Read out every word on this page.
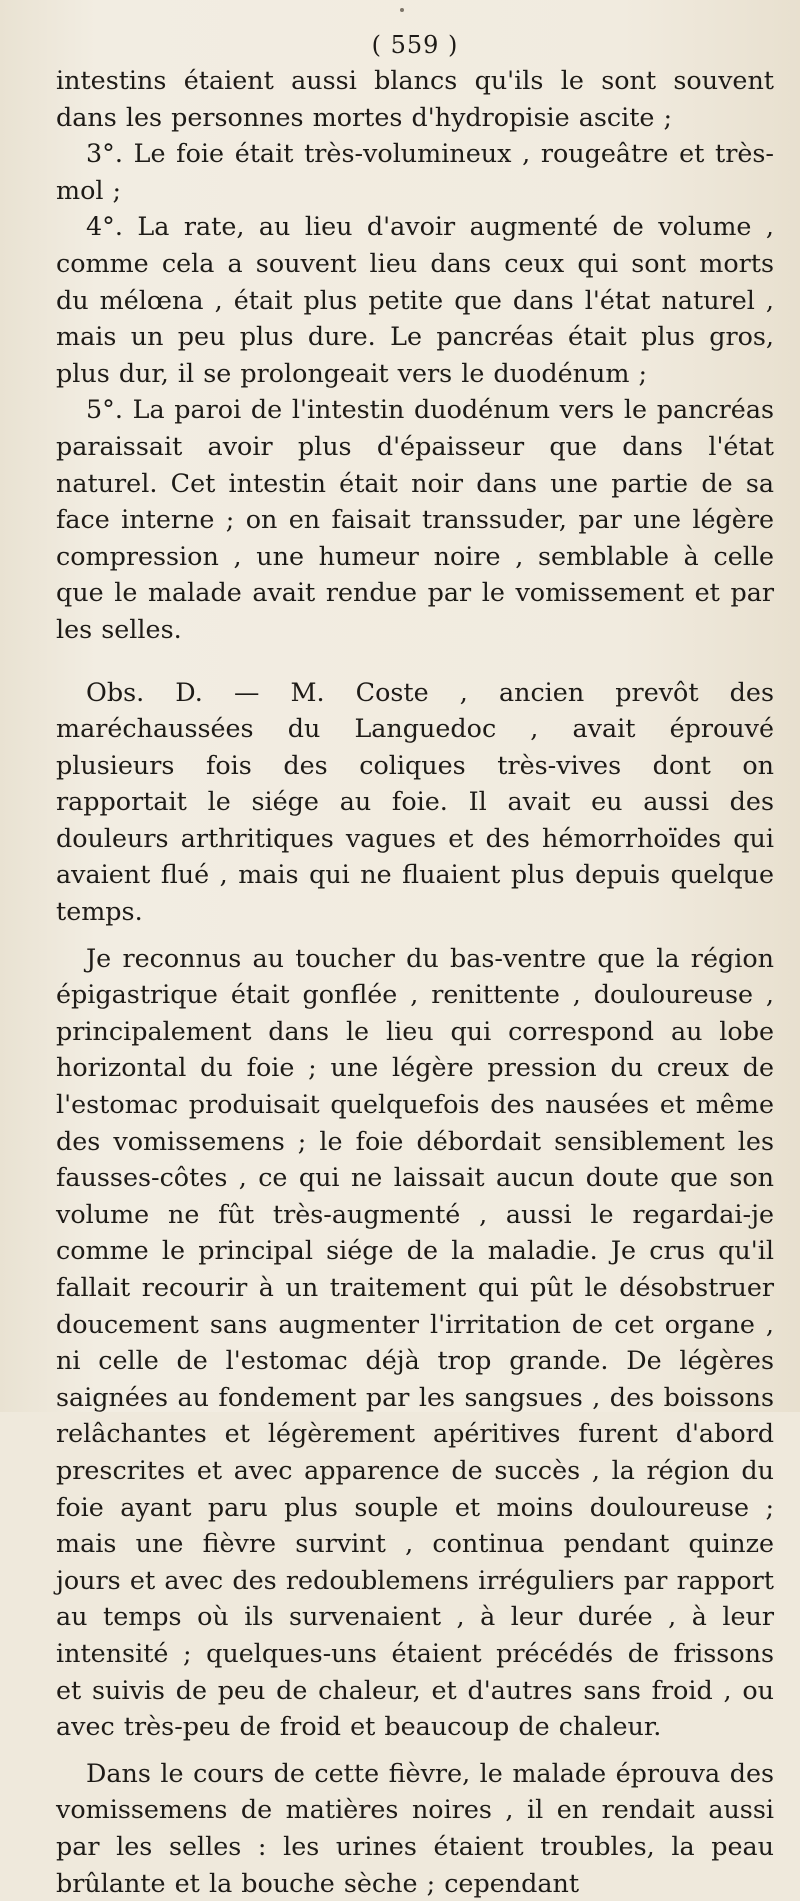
( 559 )

intestins étaient aussi blancs qu'ils le sont souvent dans les personnes mortes d'hydropisie ascite ;

3°. Le foie était très-volumineux , rougeâtre et très-mol ;

4°. La rate, au lieu d'avoir augmenté de volume , comme cela a souvent lieu dans ceux qui sont morts du mélœna , était plus petite que dans l'état naturel , mais un peu plus dure. Le pancréas était plus gros, plus dur, il se prolongeait vers le duodénum ;

5°. La paroi de l'intestin duodénum vers le pancréas paraissait avoir plus d'épaisseur que dans l'état naturel. Cet intestin était noir dans une partie de sa face interne ; on en faisait transsuder, par une légère compression , une humeur noire , semblable à celle que le malade avait rendue par le vomissement et par les selles.

Obs. D. — M. Coste , ancien prevôt des maréchaussées du Languedoc , avait éprouvé plusieurs fois des coliques très-vives dont on rapportait le siége au foie. Il avait eu aussi des douleurs arthritiques vagues et des hémorrhoïdes qui avaient flué , mais qui ne fluaient plus depuis quelque temps.

Je reconnus au toucher du bas-ventre que la région épigastrique était gonflée , renittente , douloureuse , principalement dans le lieu qui correspond au lobe horizontal du foie ; une légère pression du creux de l'estomac produisait quelquefois des nausées et même des vomissemens ; le foie débordait sensiblement les fausses-côtes , ce qui ne laissait aucun doute que son volume ne fût très-augmenté , aussi le regardai-je comme le principal siége de la maladie. Je crus qu'il fallait recourir à un traitement qui pût le désobstruer doucement sans augmenter l'irritation de cet organe , ni celle de l'estomac déjà trop grande. De légères saignées au fondement par les sangsues , des boissons relâchantes et légèrement apéritives furent d'abord prescrites et avec apparence de succès , la région du foie ayant paru plus souple et moins douloureuse ; mais une fièvre survint , continua pendant quinze jours et avec des redoublemens irréguliers par rapport au temps où ils survenaient , à leur durée , à leur intensité ; quelques-uns étaient précédés de frissons et suivis de peu de chaleur, et d'autres sans froid , ou avec très-peu de froid et beaucoup de chaleur.

Dans le cours de cette fièvre, le malade éprouva des vomissemens de matières noires , il en rendait aussi par les selles : les urines étaient troubles, la peau brûlante et la bouche sèche ; cependant
